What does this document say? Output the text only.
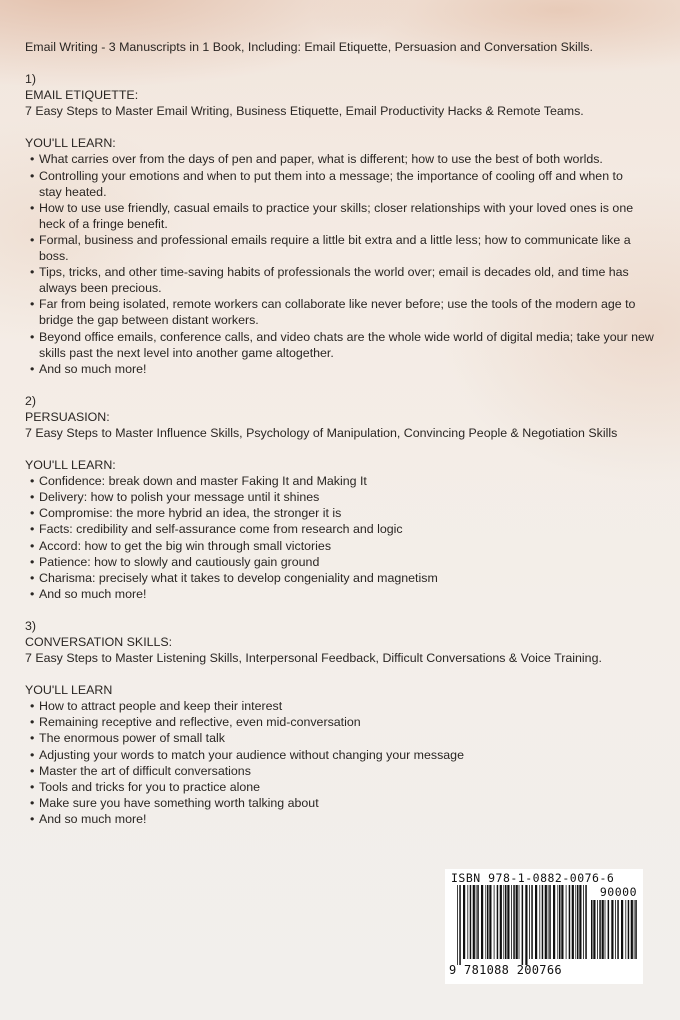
Email Writing - 3 Manuscripts in 1 Book, Including: Email Etiquette, Persuasion and Conversation Skills.
1)
EMAIL ETIQUETTE:
7 Easy Steps to Master Email Writing, Business Etiquette, Email Productivity Hacks & Remote Teams.
YOU'LL LEARN:
• What carries over from the days of pen and paper, what is different; how to use the best of both worlds.
• Controlling your emotions and when to put them into a message; the importance of cooling off and when to stay heated.
• How to use use friendly, casual emails to practice your skills; closer relationships with your loved ones is one heck of a fringe benefit.
• Formal, business and professional emails require a little bit extra and a little less; how to communicate like a boss.
• Tips, tricks, and other time-saving habits of professionals the world over; email is decades old, and time has always been precious.
• Far from being isolated, remote workers can collaborate like never before; use the tools of the modern age to bridge the gap between distant workers.
• Beyond office emails, conference calls, and video chats are the whole wide world of digital media; take your new skills past the next level into another game altogether.
• And so much more!
2)
PERSUASION:
7 Easy Steps to Master Influence Skills, Psychology of Manipulation, Convincing People & Negotiation Skills
YOU'LL LEARN:
• Confidence: break down and master Faking It and Making It
• Delivery: how to polish your message until it shines
• Compromise: the more hybrid an idea, the stronger it is
• Facts: credibility and self-assurance come from research and logic
• Accord: how to get the big win through small victories
• Patience: how to slowly and cautiously gain ground
• Charisma: precisely what it takes to develop congeniality and magnetism
• And so much more!
3)
CONVERSATION SKILLS:
7 Easy Steps to Master Listening Skills, Interpersonal Feedback, Difficult Conversations & Voice Training.
YOU'LL LEARN
• How to attract people and keep their interest
• Remaining receptive and reflective, even mid-conversation
• The enormous power of small talk
• Adjusting your words to match your audience without changing your message
• Master the art of difficult conversations
• Tools and tricks for you to practice alone
• Make sure you have something worth talking about
• And so much more!
ISBN 978-1-0882-0076-6
90000
9 781088 200766
